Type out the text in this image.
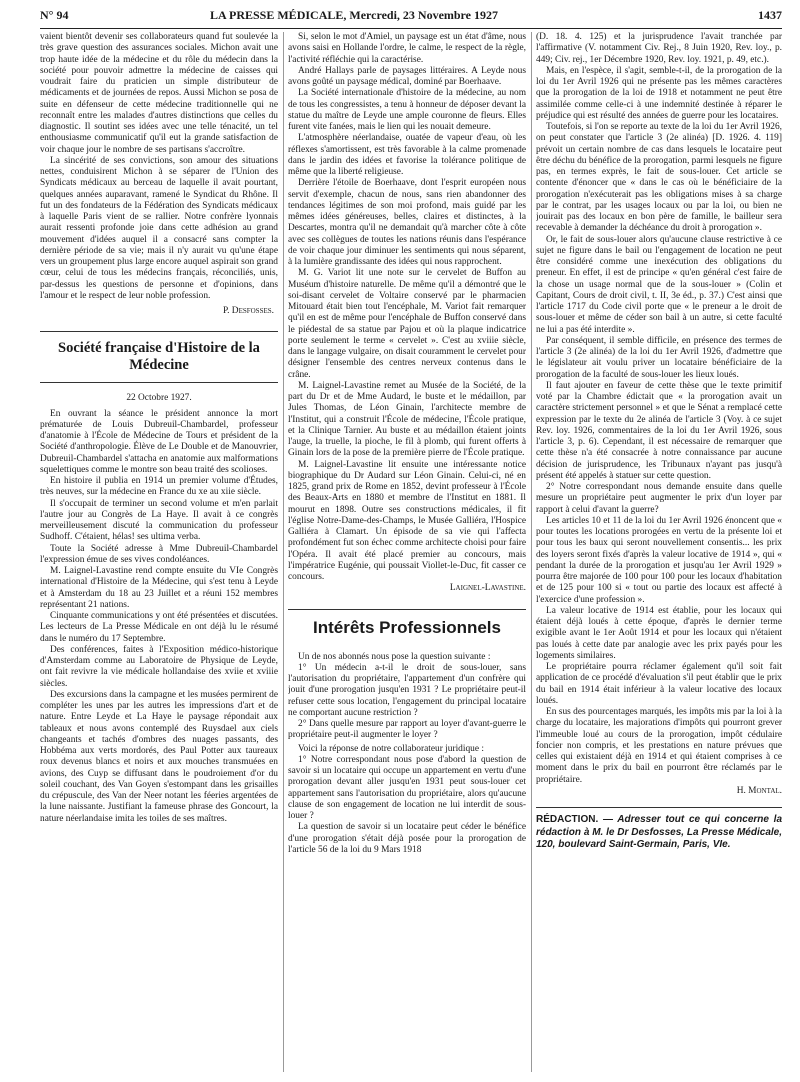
N° 94	LA PRESSE MÉDICALE, Mercredi, 23 Novembre 1927	1437

vaient bientôt devenir ses collaborateurs quand fut soulevée la très grave question des assurances sociales. Michon avait une trop haute idée de la médecine et du rôle du médecin dans la société pour pouvoir admettre la médecine de caisses qui voudrait faire du praticien un simple distributeur de médicaments et de journées de repos. Aussi Michon se posa de suite en défenseur de cette médecine traditionnelle qui ne reconnaît entre les malades d'autres distinctions que celles du diagnostic. Il soutint ses idées avec une telle ténacité, un tel enthousiasme communicatif qu'il eut la grande satisfaction de voir chaque jour le nombre de ses partisans s'accroître.

La sincérité de ses convictions, son amour des situations nettes, conduisirent Michon à se séparer de l'Union des Syndicats médicaux au berceau de laquelle il avait pourtant, quelques années auparavant, ramené le Syndicat du Rhône. Il fut un des fondateurs de la Fédération des Syndicats médicaux à laquelle Paris vient de se rallier. Notre confrère lyonnais aurait ressenti profonde joie dans cette adhésion au grand mouvement d'idées auquel il a consacré sans compter la dernière période de sa vie; mais il n'y aurait vu qu'une étape vers un groupement plus large encore auquel aspirait son grand cœur, celui de tous les médecins français, réconciliés, unis, par-dessus les questions de personne et d'opinions, dans l'amour et le respect de leur noble profession.

P. Desfosses.

Société française d'Histoire de la Médecine

22 Octobre 1927.

En ouvrant la séance le président annonce la mort prématurée de Louis Dubreuil-Chambardel, professeur d'anatomie à l'École de Médecine de Tours et président de la Société d'anthropologie. Élève de Le Double et de Manouvrier, Dubreuil-Chambardel s'attacha en anatomie aux malformations squelettiques comme le montre son beau traité des scolioses.

En histoire il publia en 1914 un premier volume d'Études, très neuves, sur la médecine en France du xe au xiie siècle.

Il s'occupait de terminer un second volume et m'en parlait l'autre jour au Congrès de La Haye. Il avait à ce congrès merveilleusement discuté la communication du professeur Sudhoff. C'étaient, hélas! ses ultima verba.

Toute la Société adresse à Mme Dubreuil-Chambardel l'expression émue de ses vives condoléances.

M. Laignel-Lavastine rend compte ensuite du VIe Congrès international d'Histoire de la Médecine, qui s'est tenu à Leyde et à Amsterdam du 18 au 23 Juillet et a réuni 152 membres représentant 21 nations.

Cinquante communications y ont été présentées et discutées. Les lecteurs de La Presse Médicale en ont déjà lu le résumé dans le numéro du 17 Septembre.

Des conférences, faites à l'Exposition médico-historique d'Amsterdam comme au Laboratoire de Physique de Leyde, ont fait revivre la vie médicale hollandaise des xviie et xviiie siècles.

Des excursions dans la campagne et les musées permirent de compléter les unes par les autres les impressions d'art et de nature. Entre Leyde et La Haye le paysage répondait aux tableaux et nous avons contemplé des Ruysdael aux ciels changeants et tachés d'ombres des nuages passants, des Hobbéma aux verts mordorés, des Paul Potter aux taureaux roux devenus blancs et noirs et aux mouches transmuées en avions, des Cuyp se diffusant dans le poudroiement d'or du soleil couchant, des Van Goyen s'estompant dans les grisailles du crépuscule, des Van der Neer notant les féeries argentées de la lune naissante. Justifiant la fameuse phrase des Goncourt, la nature néerlandaise imita les toiles de ses maîtres.

Si, selon le mot d'Amiel, un paysage est un état d'âme, nous avons saisi en Hollande l'ordre, le calme, le respect de la règle, l'activité réfléchie qui la caractérise.

André Hallays parle de paysages littéraires. A Leyde nous avons goûté un paysage médical, dominé par Boerhaave.

La Société internationale d'histoire de la médecine, au nom de tous les congressistes, a tenu à honneur de déposer devant la statue du maître de Leyde une ample couronne de fleurs. Elles furent vite fanées, mais le lien qui les nouait demeure.

L'atmosphère néerlandaise, ouatée de vapeur d'eau, où les réflexes s'amortissent, est très favorable à la calme promenade dans le jardin des idées et favorise la tolérance politique de même que la liberté religieuse.

Derrière l'étoile de Boerhaave, dont l'esprit européen nous servit d'exemple, chacun de nous, sans rien abandonner des tendances légitimes de son moi profond, mais guidé par les mêmes idées généreuses, belles, claires et distinctes, à la Descartes, montra qu'il ne demandait qu'à marcher côte à côte avec ses collègues de toutes les nations réunis dans l'espérance de voir chaque jour diminuer les sentiments qui nous séparent, à la lumière grandissante des idées qui nous rapprochent.

M. G. Variot lit une note sur le cervelet de Buffon au Muséum d'histoire naturelle. De même qu'il a démontré que le soi-disant cervelet de Voltaire conservé par le pharmacien Mitouard était bien tout l'encéphale, M. Variot fait remarquer qu'il en est de même pour l'encéphale de Buffon conservé dans le piédestal de sa statue par Pajou et où la plaque indicatrice porte seulement le terme « cervelet ». C'est au xviiie siècle, dans le langage vulgaire, on disait couramment le cervelet pour désigner l'ensemble des centres nerveux contenus dans le crâne.

M. Laignel-Lavastine remet au Musée de la Société, de la part du Dr et de Mme Audard, le buste et le médaillon, par Jules Thomas, de Léon Ginain, l'architecte membre de l'Institut, qui a construit l'École de médecine, l'École pratique, et la Clinique Tarnier. Au buste et au médaillon étaient joints l'auge, la truelle, la pioche, le fil à plomb, qui furent offerts à Ginain lors de la pose de la première pierre de l'École pratique.

M. Laignel-Lavastine lit ensuite une intéressante notice biographique du Dr Audard sur Léon Ginain. Celui-ci, né en 1825, grand prix de Rome en 1852, devint professeur à l'École des Beaux-Arts en 1880 et membre de l'Institut en 1881. Il mourut en 1898. Outre ses constructions médicales, il fit l'église Notre-Dame-des-Champs, le Musée Galliéra, l'Hospice Galliéra à Clamart. Un épisode de sa vie qui l'affecta profondément fut son échec comme architecte choisi pour faire l'Opéra. Il avait été placé premier au concours, mais l'impératrice Eugénie, qui poussait Viollet-le-Duc, fit casser ce concours.

Laignel-Lavastine.

Intérêts Professionnels

Un de nos abonnés nous pose la question suivante :

1° Un médecin a-t-il le droit de sous-louer, sans l'autorisation du propriétaire, l'appartement d'un confrère qui jouit d'une prorogation jusqu'en 1931 ? Le propriétaire peut-il refuser cette sous location, l'engagement du principal locataire ne comportant aucune restriction ?

2° Dans quelle mesure par rapport au loyer d'avant-guerre le propriétaire peut-il augmenter le loyer ?

Voici la réponse de notre collaborateur juridique :

1° Notre correspondant nous pose d'abord la question de savoir si un locataire qui occupe un appartement en vertu d'une prorogation devant aller jusqu'en 1931 peut sous-louer cet appartement sans l'autorisation du propriétaire, alors qu'aucune clause de son engagement de location ne lui interdit de sous-louer ?

La question de savoir si un locataire peut céder le bénéfice d'une prorogation s'était déjà posée pour la prorogation de l'article 56 de la loi du 9 Mars 1918

(D. 18. 4. 125) et la jurisprudence l'avait tranchée par l'affirmative (V. notamment Civ. Rej., 8 Juin 1920, Rev. loy., p. 449; Civ. rej., 1er Décembre 1920, Rev. loy. 1921, p. 49, etc.).

Mais, en l'espèce, il s'agit, semble-t-il, de la prorogation de la loi du 1er Avril 1926 qui ne présente pas les mêmes caractères que la prorogation de la loi de 1918 et notamment ne peut être assimilée comme celle-ci à une indemnité destinée à réparer le préjudice qui est résulté des années de guerre pour les locataires.

Toutefois, si l'on se reporte au texte de la loi du 1er Avril 1926, on peut constater que l'article 3 (2e alinéa) [D. 1926. 4. 119] prévoit un certain nombre de cas dans lesquels le locataire peut être déchu du bénéfice de la prorogation, parmi lesquels ne figure pas, en termes exprès, le fait de sous-louer. Cet article se contente d'énoncer que « dans le cas où le bénéficiaire de la prorogation n'exécuterait pas les obligations mises à sa charge par le contrat, par les usages locaux ou par la loi, ou bien ne jouirait pas des locaux en bon père de famille, le bailleur sera recevable à demander la déchéance du droit à prorogation ».

Or, le fait de sous-louer alors qu'aucune clause restrictive à ce sujet ne figure dans le bail ou l'engagement de location ne peut être considéré comme une inexécution des obligations du preneur. En effet, il est de principe « qu'en général c'est faire de la chose un usage normal que de la sous-louer » (Colin et Capitant, Cours de droit civil, t. II, 3e éd., p. 37.) C'est ainsi que l'article 1717 du Code civil porte que « le preneur a le droit de sous-louer et même de céder son bail à un autre, si cette faculté ne lui a pas été interdite ».

Par conséquent, il semble difficile, en présence des termes de l'article 3 (2e alinéa) de la loi du 1er Avril 1926, d'admettre que le législateur ait voulu priver un locataire bénéficiaire de la prorogation de la faculté de sous-louer les lieux loués.

Il faut ajouter en faveur de cette thèse que le texte primitif voté par la Chambre édictait que « la prorogation avait un caractère strictement personnel » et que le Sénat a remplacé cette expression par le texte du 2e alinéa de l'article 3 (Voy. à ce sujet Rev. loy. 1926, commentaires de la loi du 1er Avril 1926, sous l'article 3, p. 6). Cependant, il est nécessaire de remarquer que cette thèse n'a été consacrée à notre connaissance par aucune décision de jurisprudence, les Tribunaux n'ayant pas jusqu'à présent été appelés à statuer sur cette question.

2° Notre correspondant nous demande ensuite dans quelle mesure un propriétaire peut augmenter le prix d'un loyer par rapport à celui d'avant la guerre?

Les articles 10 et 11 de la loi du 1er Avril 1926 énoncent que « pour toutes les locations prorogées en vertu de la présente loi et pour tous les baux qui seront nouvellement consentis... les prix des loyers seront fixés d'après la valeur locative de 1914 », qui « pendant la durée de la prorogation et jusqu'au 1er Avril 1929 » pourra être majorée de 100 pour 100 pour les locaux d'habitation et de 125 pour 100 si « tout ou partie des locaux est affecté à l'exercice d'une profession ».

La valeur locative de 1914 est établie, pour les locaux qui étaient déjà loués à cette époque, d'après le dernier terme exigible avant le 1er Août 1914 et pour les locaux qui n'étaient pas loués à cette date par analogie avec les prix payés pour les logements similaires.

Le propriétaire pourra réclamer également qu'il soit fait application de ce procédé d'évaluation s'il peut établir que le prix du bail en 1914 était inférieur à la valeur locative des locaux loués.

En sus des pourcentages marqués, les impôts mis par la loi à la charge du locataire, les majorations d'impôts qui pourront grever l'immeuble loué au cours de la prorogation, impôt cédulaire foncier non compris, et les prestations en nature prévues que celles qui existaient déjà en 1914 et qui étaient comprises à ce moment dans le prix du bail en pourront être réclamés par le propriétaire.

H. Montal.

RÉDACTION. — Adresser tout ce qui concerne la rédaction à M. le Dr Desfosses, La Presse Médicale, 120, boulevard Saint-Germain, Paris, VIe.
